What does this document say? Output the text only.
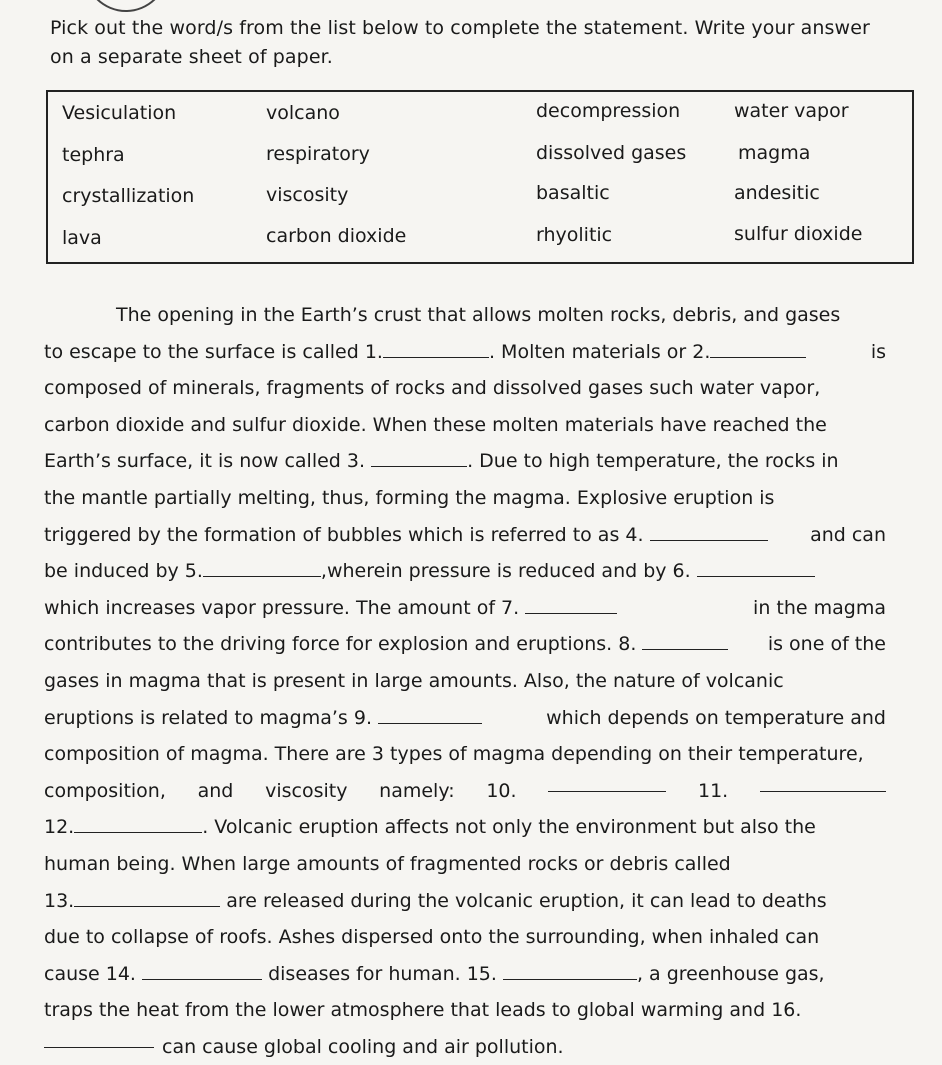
Pick out the word/s from the list below to complete the statement. Write your answer
on a separate sheet of paper.
Vesiculation	volcano	decompression	water vapor
tephra	respiratory	dissolved gases	magma
crystallization	viscosity	basaltic	andesitic
lava	carbon dioxide	rhyolitic	sulfur dioxide
The opening in the Earth’s crust that allows molten rocks, debris, and gases
to escape to the surface is called 1.	. Molten materials or 2.	is
composed of minerals, fragments of rocks and dissolved gases such water vapor,
carbon dioxide and sulfur dioxide. When these molten materials have reached the
Earth’s surface, it is now called 3.	. Due to high temperature, the rocks in
the mantle partially melting, thus, forming the magma. Explosive eruption is
triggered by the formation of bubbles which is referred to as 4.	and can
be induced by 5.	,wherein pressure is reduced and by 6.
which increases vapor pressure. The amount of 7.	in the magma
contributes to the driving force for explosion and eruptions. 8.	is one of the
gases in magma that is present in large amounts. Also, the nature of volcanic
eruptions is related to magma’s 9.	which depends on temperature and
composition of magma. There are 3 types of magma depending on their temperature,
composition, and viscosity namely: 10.	11.
12.	. Volcanic eruption affects not only the environment but also the
human being. When large amounts of fragmented rocks or debris called
13.	are released during the volcanic eruption, it can lead to deaths
due to collapse of roofs. Ashes dispersed onto the surrounding, when inhaled can
cause 14.	diseases for human. 15.	, a greenhouse gas,
traps the heat from the lower atmosphere that leads to global warming and 16.
can cause global cooling and air pollution.
